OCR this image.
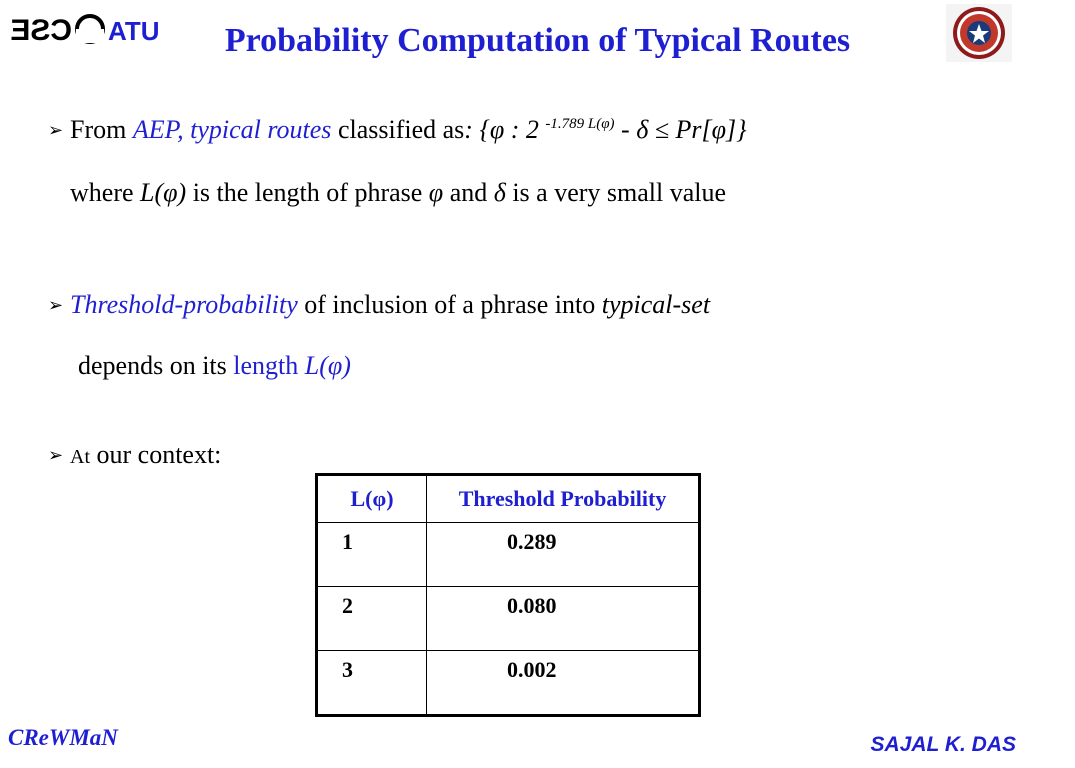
CSE ATU	Probability Computation of Typical Routes
➢ From AEP, typical routes classified as: {φ : 2 $^{-1.789 L(\varphi)}$ - δ ≤ Pr[φ]}
where L(φ) is the length of phrase φ and δ is a very small value
➢ Threshold-probability of inclusion of a phrase into typical-set
depends on its length L(φ)
➢ At our context:
L(φ)	Threshold Probability
1	0.289
2	0.080
3	0.002
CReWMaN	SAJAL K. DAS
